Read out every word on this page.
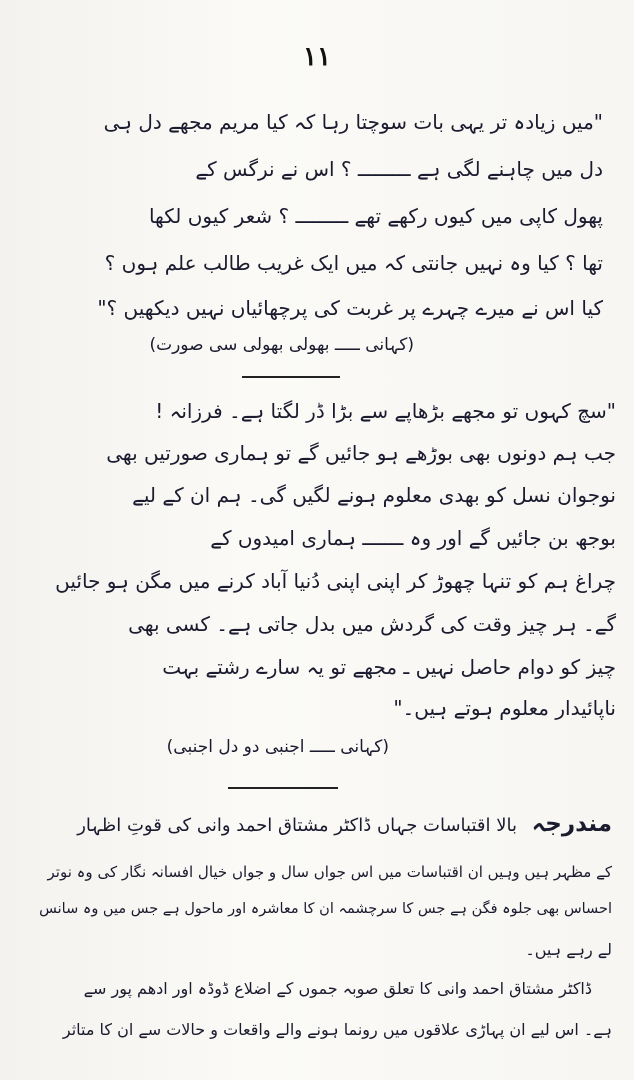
۱۱
"میں زیادہ تر یہی بات سوچتا رہا کہ کیا مریم مجھے دل ہی
دل میں چاہنے لگی ہے ـــــــــ ؟ اس نے نرگس کے
پھول کاپی میں کیوں رکھے تھے ـــــــــ ؟ شعر کیوں لکھا
تھا ؟ کیا وہ نہیں جانتی کہ میں ایک غریب طالب علم ہوں ؟
کیا اس نے میرے چہرے پر غربت کی پرچھائیاں نہیں دیکھیں ؟"
(کہانی ـــــ بھولی بھولی سی صورت)
"سچ کہوں تو مجھے بڑھاپے سے بڑا ڈر لگتا ہے۔ فرزانہ !
جب ہم دونوں بھی بوڑھے ہو جائیں گے تو ہماری صورتیں بھی
نوجوان نسل کو بھدی معلوم ہونے لگیں گی۔ ہم ان کے لیے
بوجھ بن جائیں گے اور وہ ـــــــ ہماری امیدوں کے
چراغ ہم کو تنہا چھوڑ کر اپنی اپنی دُنیا آباد کرنے میں مگن ہو جائیں
گے۔ ہر چیز وقت کی گردش میں بدل جاتی ہے۔ کسی بھی
چیز کو دوام حاصل نہیں ـ مجھے تو یہ سارے رشتے بہت
ناپائیدار معلوم ہوتے ہیں۔"
(کہانی ـــــ اجنبی دو دل اجنبی)
مندرجہ
بالا اقتباسات جہاں ڈاکٹر مشتاق احمد وانی کی قوتِ اظہار
کے مظہر ہیں وہیں ان اقتباسات میں اس جواں سال و جواں خیال افسانہ نگار کی وہ نوتر
احساس بھی جلوہ فگن ہے جس کا سرچشمہ ان کا معاشرہ اور ماحول ہے جس میں وہ سانس
لے رہے ہیں۔
ڈاکٹر مشتاق احمد وانی کا تعلق صوبہ جموں کے اضلاع ڈوڈہ اور ادھم پور سے
ہے۔ اس لیے ان پہاڑی علاقوں میں رونما ہونے والے واقعات و حالات سے ان کا متاثر
